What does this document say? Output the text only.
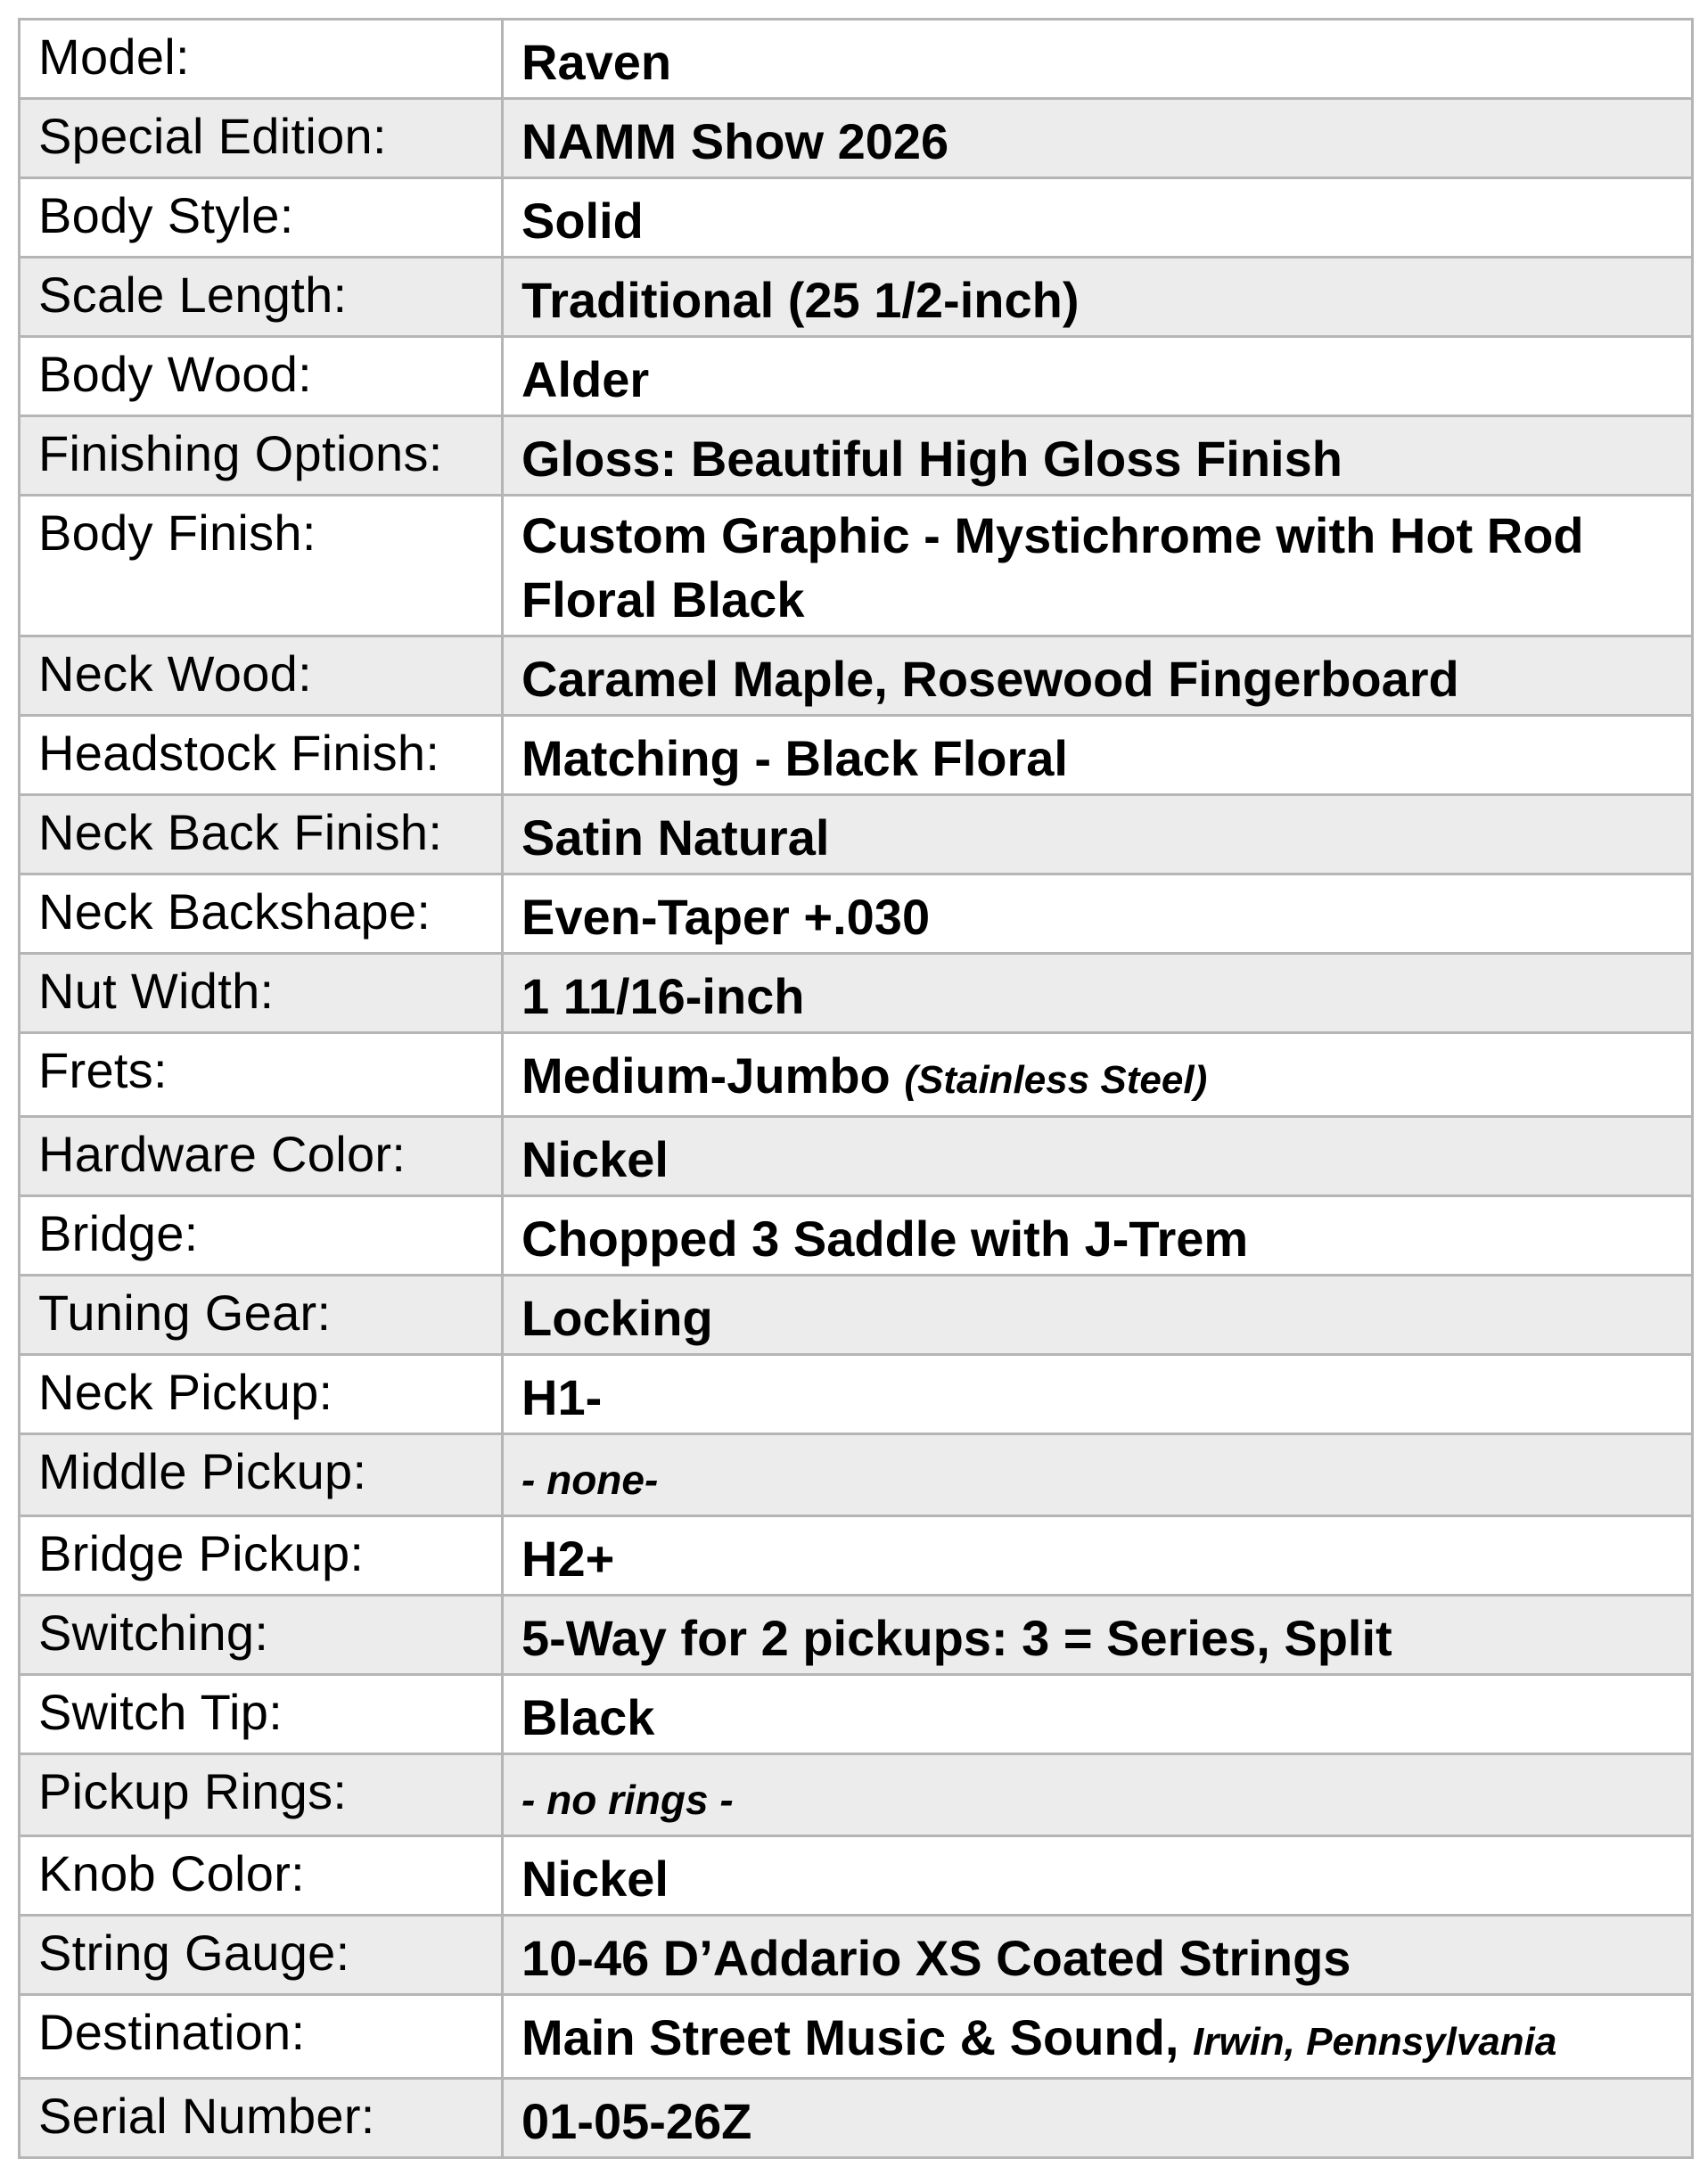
Model:	Raven
Special Edition:	NAMM Show 2026
Body Style:	Solid
Scale Length:	Traditional (25 1/2-inch)
Body Wood:	Alder
Finishing Options:	Gloss: Beautiful High Gloss Finish
Body Finish:	Custom Graphic - Mystichrome with Hot Rod Floral Black
Neck Wood:	Caramel Maple, Rosewood Fingerboard
Headstock Finish:	Matching - Black Floral
Neck Back Finish:	Satin Natural
Neck Backshape:	Even-Taper +.030
Nut Width:	1 11/16-inch
Frets:	Medium-Jumbo (Stainless Steel)
Hardware Color:	Nickel
Bridge:	Chopped 3 Saddle with J-Trem
Tuning Gear:	Locking
Neck Pickup:	H1-
Middle Pickup:	- none-
Bridge Pickup:	H2+
Switching:	5-Way for 2 pickups: 3 = Series, Split
Switch Tip:	Black
Pickup Rings:	- no rings -
Knob Color:	Nickel
String Gauge:	10-46 D’Addario XS Coated Strings
Destination:	Main Street Music & Sound, Irwin, Pennsylvania
Serial Number:	01-05-26Z
